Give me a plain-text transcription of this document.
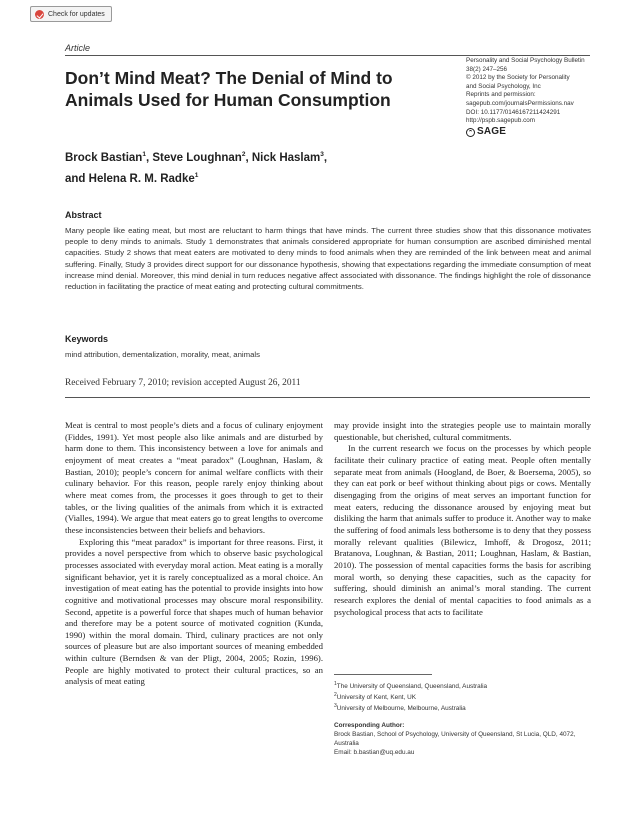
Check for updates
Article
Don’t Mind Meat? The Denial of Mind to Animals Used for Human Consumption
Personality and Social Psychology Bulletin
38(2) 247–256
© 2012 by the Society for Personality
and Social Psychology, Inc
Reprints and permission:
sagepub.com/journalsPermissions.nav
DOI: 10.1177/0146167211424291
http://pspb.sagepub.com
SAGE
Brock Bastian$^1$, Steve Loughnan$^2$, Nick Haslam$^3$,
and Helena R. M. Radke$^1$
Abstract

Many people like eating meat, but most are reluctant to harm things that have minds. The current three studies show that this dissonance motivates people to deny minds to animals. Study 1 demonstrates that animals considered appropriate for human consumption are ascribed diminished mental capacities. Study 2 shows that meat eaters are motivated to deny minds to food animals when they are reminded of the link between meat and animal suffering. Finally, Study 3 provides direct support for our dissonance hypothesis, showing that expectations regarding the immediate consumption of meat increase mind denial. Moreover, this mind denial in turn reduces negative affect associated with dissonance. The findings highlight the role of dissonance reduction in facilitating the practice of meat eating and protecting cultural commitments.

Keywords
mind attribution, dementalization, morality, meat, animals
Received February 7, 2010; revision accepted August 26, 2011

Meat is central to most people’s diets and a focus of culinary enjoyment (Fiddes, 1991). Yet most people also like animals and are disturbed by harm done to them. This inconsistency between a love for animals and enjoyment of meat creates a “meat paradox” (Loughnan, Haslam, & Bastian, 2010); people’s concern for animal welfare conflicts with their culinary behavior. For this reason, people rarely enjoy thinking about where meat comes from, the processes it goes through to get to their tables, or the living qualities of the animals from which it is extracted (Vialles, 1994). We argue that meat eaters go to great lengths to overcome these inconsistencies between their beliefs and behaviors.

Exploring this “meat paradox” is important for three reasons. First, it provides a novel perspective from which to observe basic psychological processes associated with everyday moral action. Meat eating is a morally significant behavior, yet it is rarely conceptualized as a moral choice. An investigation of meat eating has the potential to provide insights into how cognitive and motivational processes may obscure moral responsibility. Second, appetite is a powerful force that shapes much of human behavior and therefore may be a potent source of motivated cognition (Kunda, 1990) within the moral domain. Third, culinary practices are not only sources of pleasure but are also important sources of meaning embedded within culture (Berndsen & van der Pligt, 2004, 2005; Rozin, 1996). People are highly motivated to protect their cultural practices, so an analysis of meat eating

may provide insight into the strategies people use to maintain morally questionable, but cherished, cultural commitments.

In the current research we focus on the processes by which people facilitate their culinary practice of eating meat. People often mentally separate meat from animals (Hoogland, de Boer, & Boersema, 2005), so they can eat pork or beef without thinking about pigs or cows. Mentally disengaging from the origins of meat serves an important function for meat eaters, reducing the dissonance aroused by enjoying meat but disliking the harm that animals suffer to produce it. Another way to make the suffering of food animals less bothersome is to deny that they possess morally relevant qualities (Bilewicz, Imhoff, & Drogosz, 2011; Bratanova, Loughnan, & Bastian, 2011; Loughnan, Haslam, & Bastian, 2010). The possession of mental capacities forms the basis for ascribing moral worth, so denying these capacities, such as the capacity for suffering, should diminish an animal’s moral standing. The current research explores the denial of mental capacities to food animals as a psychological process that acts to facilitate

$^1$The University of Queensland, Queensland, Australia
$^2$University of Kent, Kent, UK
$^3$University of Melbourne, Melbourne, Australia
Corresponding Author:
Brock Bastian, School of Psychology, University of Queensland, St Lucia, QLD, 4072, Australia
Email: b.bastian@uq.edu.au
